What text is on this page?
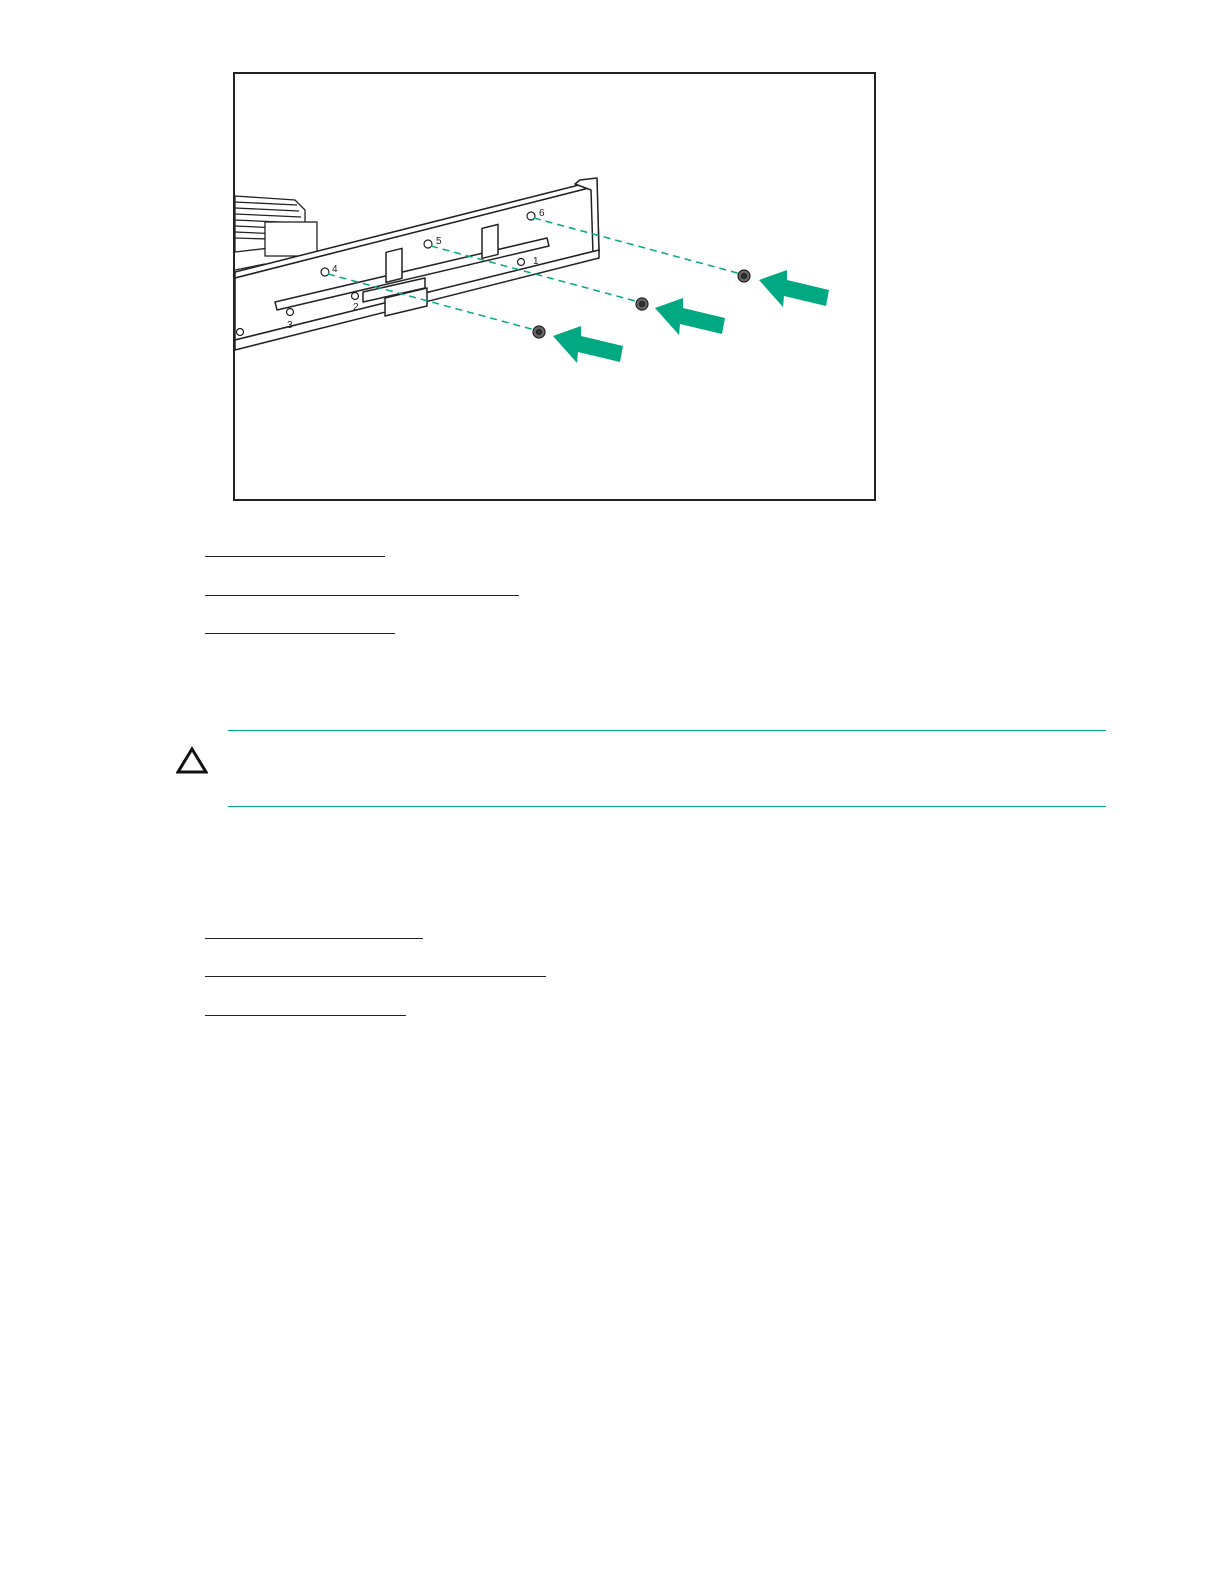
4
5
6
1
2
3
